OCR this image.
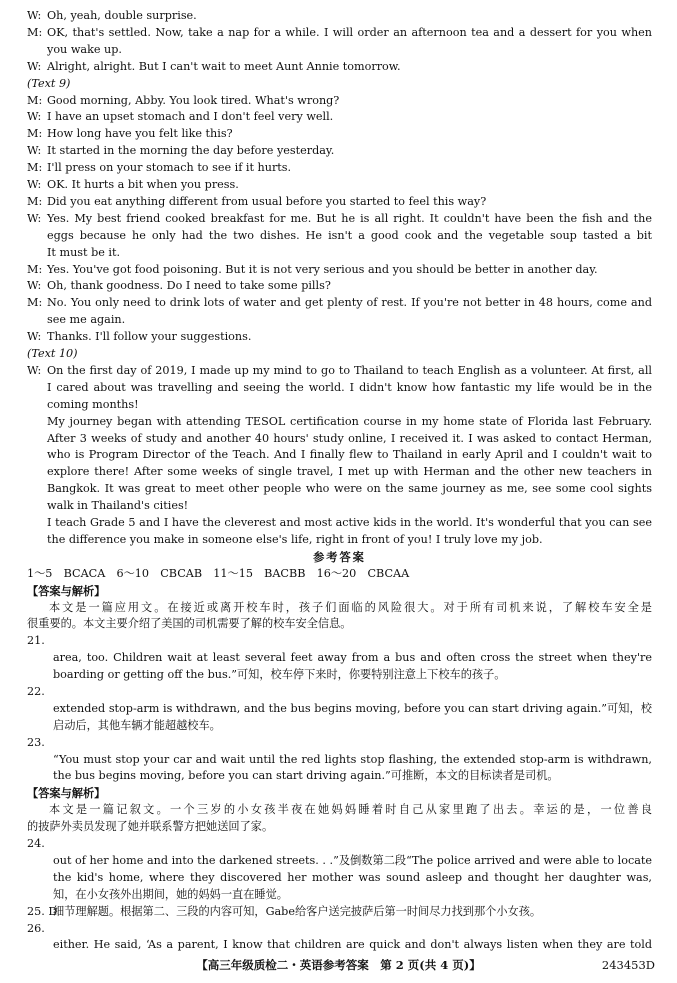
W: Oh, yeah, double surprise.
M: OK, that's settled. Now, take a nap for a while. I will order an afternoon tea and a dessert for you when
you wake up.
W: Alright, alright. But I can't wait to meet Aunt Annie tomorrow.
(Text 9)
M: Good morning, Abby. You look tired. What's wrong?
W: I have an upset stomach and I don't feel very well.
M: How long have you felt like this?
W: It started in the morning the day before yesterday.
M: I'll press on your stomach to see if it hurts.
W: OK. It hurts a bit when you press.
M: Did you eat anything different from usual before you started to feel this way?
W: Yes. My best friend cooked breakfast for me. But he is all right. It couldn't have been the fish and the
eggs because he only had the two dishes. He isn't a good cook and the vegetable soup tasted a bit
It must be it.
M: Yes. You've got food poisoning. But it is not very serious and you should be better in another day.
W: Oh, thank goodness. Do I need to take some pills?
M: No. You only need to drink lots of water and get plenty of rest. If you're not better in 48 hours, come and
see me again.
W: Thanks. I'll follow your suggestions.
(Text 10)
W: On the first day of 2019, I made up my mind to go to Thailand to teach English as a volunteer. At first, all
I cared about was travelling and seeing the world. I didn't know how fantastic my life would be in the
coming months!
My journey began with attending TESOL certification course in my home state of Florida last February.
After 3 weeks of study and another 40 hours' study online, I received it. I was asked to contact Herman,
who is Program Director of the Teach. And I finally flew to Thailand in early April and I couldn't wait to
explore there! After some weeks of single travel, I met up with Herman and the other new teachers in
Bangkok. It was great to meet other people who were on the same journey as me, see some cool sights
walk in Thailand's cities!
I teach Grade 5 and I have the cleverest and most active kids in the world. It's wonderful that you can see
the difference you make in someone else's life, right in front of you! I truly love my job.
参考答案
1～5　BCACA　6～10　CBCAB　11～15　BACBB　16～20　CBCAA
【答案与解析】
本文是一篇应用文。在接近或离开校车时，孩子们面临的风险很大。对于所有司机来说，了解校车安全是
很重要的。本文主要介绍了美国的司机需要了解的校车安全信息。
21.
area, too. Children wait at least several feet away from a bus and often cross the street when they're
boarding or getting off the bus.”可知，校车停下来时，你要特别注意上下校车的孩子。
22.
extended stop-arm is withdrawn, and the bus begins moving, before you can start driving again.”可知，校
启动后，其他车辆才能超越校车。
23.
“You must stop your car and wait until the red lights stop flashing, the extended stop-arm is withdrawn,
the bus begins moving, before you can start driving again.”可推断，本文的目标读者是司机。
【答案与解析】
本文是一篇记叙文。一个三岁的小女孩半夜在她妈妈睡着时自己从家里跑了出去。幸运的是，一位善良
的披萨外卖员发现了她并联系警方把她送回了家。
24.
out of her home and into the darkened streets. . .”及倒数第二段“The police arrived and were able to locate
the kid's home, where they discovered her mother was sound asleep and thought her daughter was,
知，在小女孩外出期间，她的妈妈一直在睡觉。
25. D细节理解题。根据第二、三段的内容可知，Gabe给客户送完披萨后第一时间尽力找到那个小女孩。
26.
either. He said, ‘As a parent, I know that children are quick and don't always listen when they are told
【高三年级质检二・英语参考答案　第 2 页(共 4 页)】	243453D
